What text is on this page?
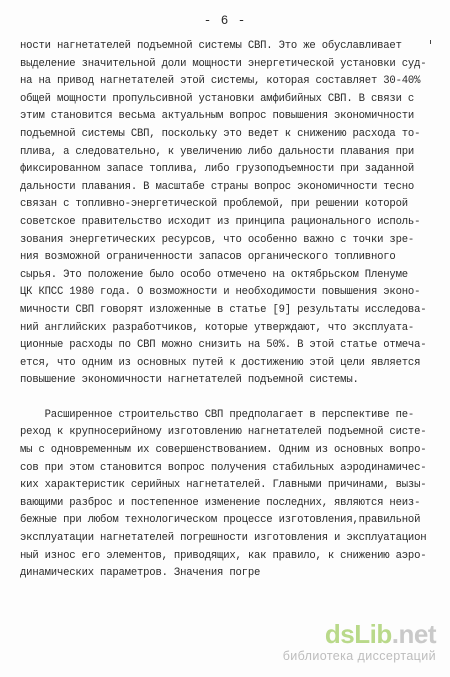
- 6 -
ности нагнетателей подъемной системы СВП. Это же обуславливает
выделение значительной доли мощности энергетической установки суд-
на на привод нагнетателей этой системы, которая составляет 30-40%
общей мощности пропульсивной установки амфибийных СВП. В связи с
этим становится весьма актуальным вопрос повышения экономичности
подъемной системы СВП, поскольку это ведет к снижению расхода то-
плива, а следовательно, к увеличению либо дальности плавания при
фиксированном запасе топлива, либо грузоподъемности при заданной
дальности плавания. В масштабе страны вопрос экономичности тесно
связан с топливно-энергетической проблемой, при решении которой
советское правительство исходит из принципа рационального исполь-
зования энергетических ресурсов, что особенно важно с точки зре-
ния возможной ограниченности запасов органического топливного
сырья. Это положение было особо отмечено на октябрьском Пленуме
ЦК КПСС 1980 года. О возможности и необходимости повышения эконо-
мичности СВП говорят изложенные в статье [9] результаты исследова-
ний английских разработчиков, которые утверждают, что эксплуата-
ционные расходы по СВП можно снизить на 50%. В этой статье отмеча-
ется, что одним из основных путей к достижению этой цели является
повышение экономичности нагнетателей подъемной системы.
Расширенное строительство СВП предполагает в перспективе пе-
реход к крупносерийному изготовлению нагнетателей подъемной систе-
мы с одновременным их совершенствованием. Одним из основных вопро-
сов при этом становится вопрос получения стабильных аэродинамичес-
ких характеристик серийных нагнетателей. Главными причинами, вызы-
вающими разброс и постепенное изменение последних, являются неиз-
бежные при любом технологическом процессе изготовления,правильной
эксплуатации нагнетателей погрешности изготовления и эксплуатацион
ный износ его элементов, приводящих, как правило, к снижению аэро-
динамических параметров. Значения погре
dsLib.net
библиотека диссертаций
